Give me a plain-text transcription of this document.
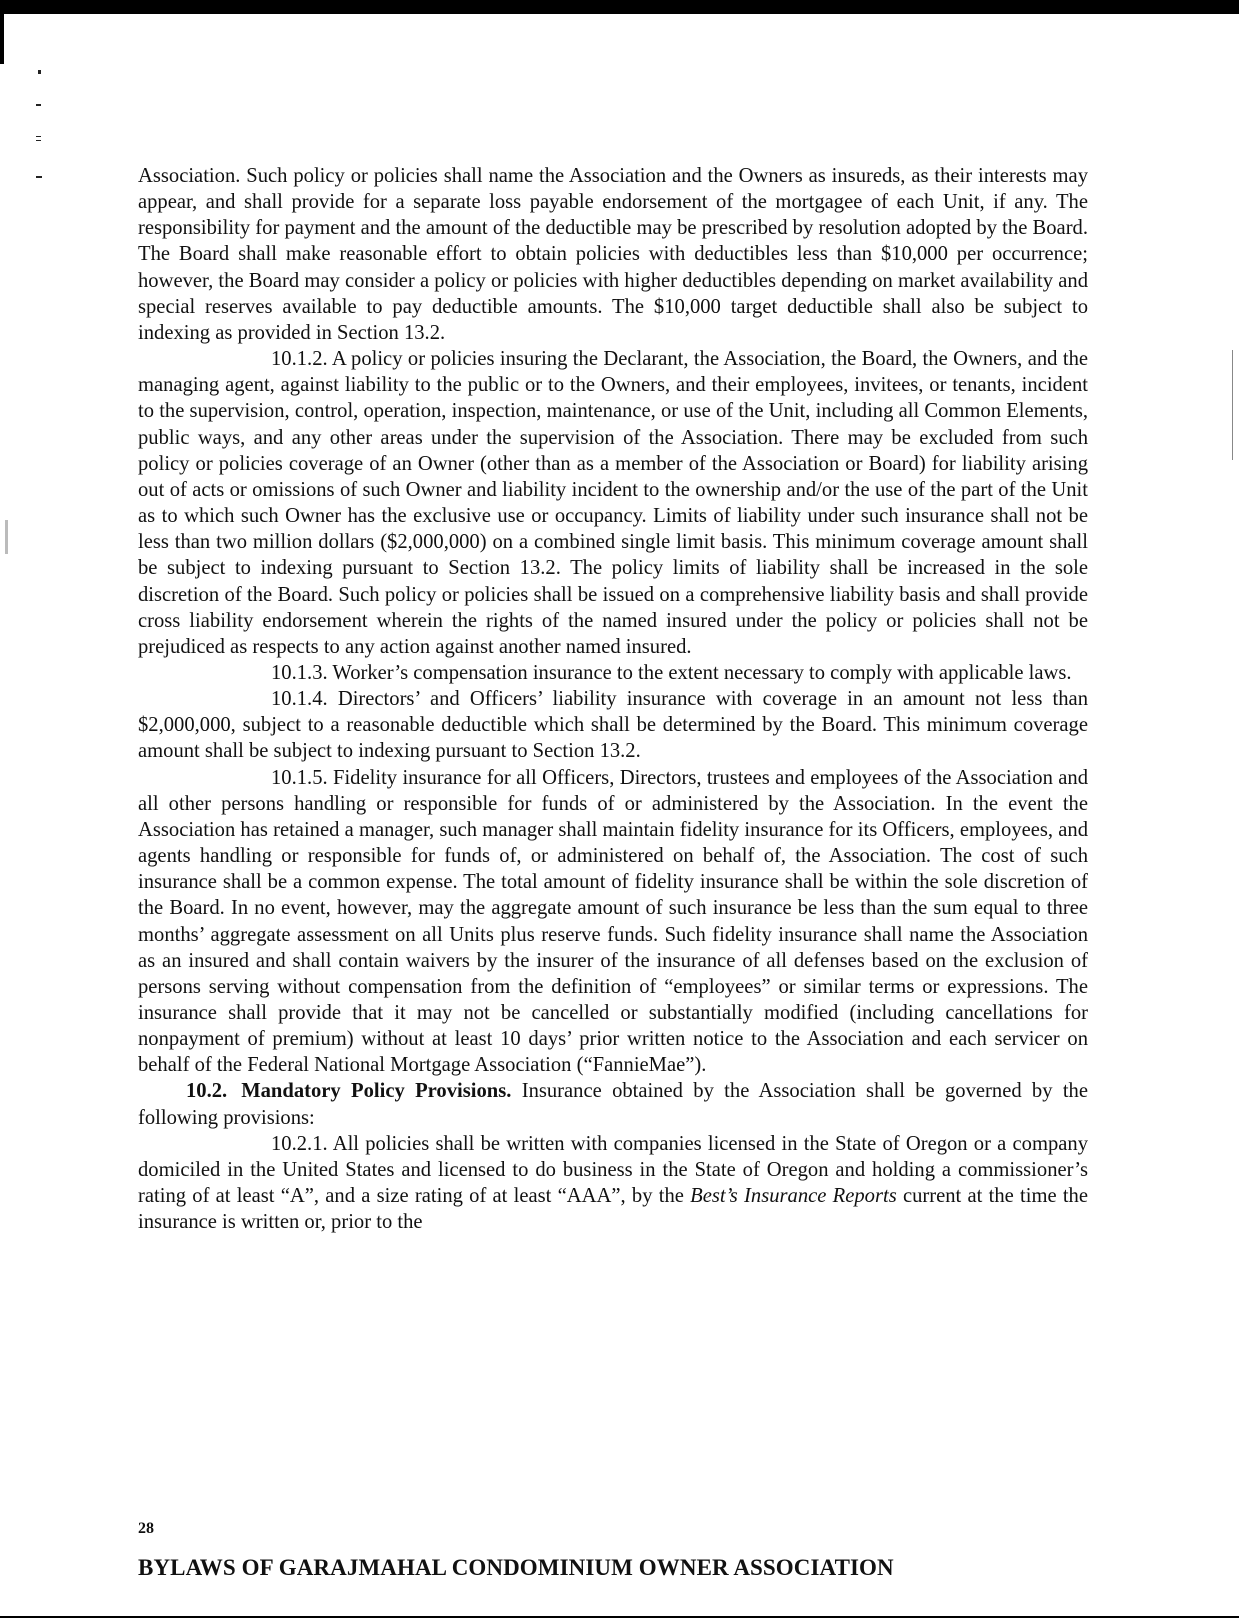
Association. Such policy or policies shall name the Association and the Owners as insureds, as their interests may appear, and shall provide for a separate loss payable endorsement of the mortgagee of each Unit, if any. The responsibility for payment and the amount of the deductible may be prescribed by resolution adopted by the Board. The Board shall make reasonable effort to obtain policies with deductibles less than $10,000 per occurrence; however, the Board may consider a policy or policies with higher deductibles depending on market availability and special reserves available to pay deductible amounts. The $10,000 target deductible shall also be subject to indexing as provided in Section 13.2.

10.1.2. A policy or policies insuring the Declarant, the Association, the Board, the Owners, and the managing agent, against liability to the public or to the Owners, and their employees, invitees, or tenants, incident to the supervision, control, operation, inspection, maintenance, or use of the Unit, including all Common Elements, public ways, and any other areas under the supervision of the Association. There may be excluded from such policy or policies coverage of an Owner (other than as a member of the Association or Board) for liability arising out of acts or omissions of such Owner and liability incident to the ownership and/or the use of the part of the Unit as to which such Owner has the exclusive use or occupancy. Limits of liability under such insurance shall not be less than two million dollars ($2,000,000) on a combined single limit basis. This minimum coverage amount shall be subject to indexing pursuant to Section 13.2. The policy limits of liability shall be increased in the sole discretion of the Board. Such policy or policies shall be issued on a comprehensive liability basis and shall provide cross liability endorsement wherein the rights of the named insured under the policy or policies shall not be prejudiced as respects to any action against another named insured.

10.1.3. Worker’s compensation insurance to the extent necessary to comply with applicable laws.

10.1.4. Directors’ and Officers’ liability insurance with coverage in an amount not less than $2,000,000, subject to a reasonable deductible which shall be determined by the Board. This minimum coverage amount shall be subject to indexing pursuant to Section 13.2.

10.1.5. Fidelity insurance for all Officers, Directors, trustees and employees of the Association and all other persons handling or responsible for funds of or administered by the Association. In the event the Association has retained a manager, such manager shall maintain fidelity insurance for its Officers, employees, and agents handling or responsible for funds of, or administered on behalf of, the Association. The cost of such insurance shall be a common expense. The total amount of fidelity insurance shall be within the sole discretion of the Board. In no event, however, may the aggregate amount of such insurance be less than the sum equal to three months’ aggregate assessment on all Units plus reserve funds. Such fidelity insurance shall name the Association as an insured and shall contain waivers by the insurer of the insurance of all defenses based on the exclusion of persons serving without compensation from the definition of “employees” or similar terms or expressions. The insurance shall provide that it may not be cancelled or substantially modified (including cancellations for nonpayment of premium) without at least 10 days’ prior written notice to the Association and each servicer on behalf of the Federal National Mortgage Association (“FannieMae”).

10.2. Mandatory Policy Provisions. Insurance obtained by the Association shall be governed by the following provisions:

10.2.1. All policies shall be written with companies licensed in the State of Oregon or a company domiciled in the United States and licensed to do business in the State of Oregon and holding a commissioner’s rating of at least “A”, and a size rating of at least “AAA”, by the Best’s Insurance Reports current at the time the insurance is written or, prior to the

28
BYLAWS OF GARAJMAHAL CONDOMINIUM OWNER ASSOCIATION
